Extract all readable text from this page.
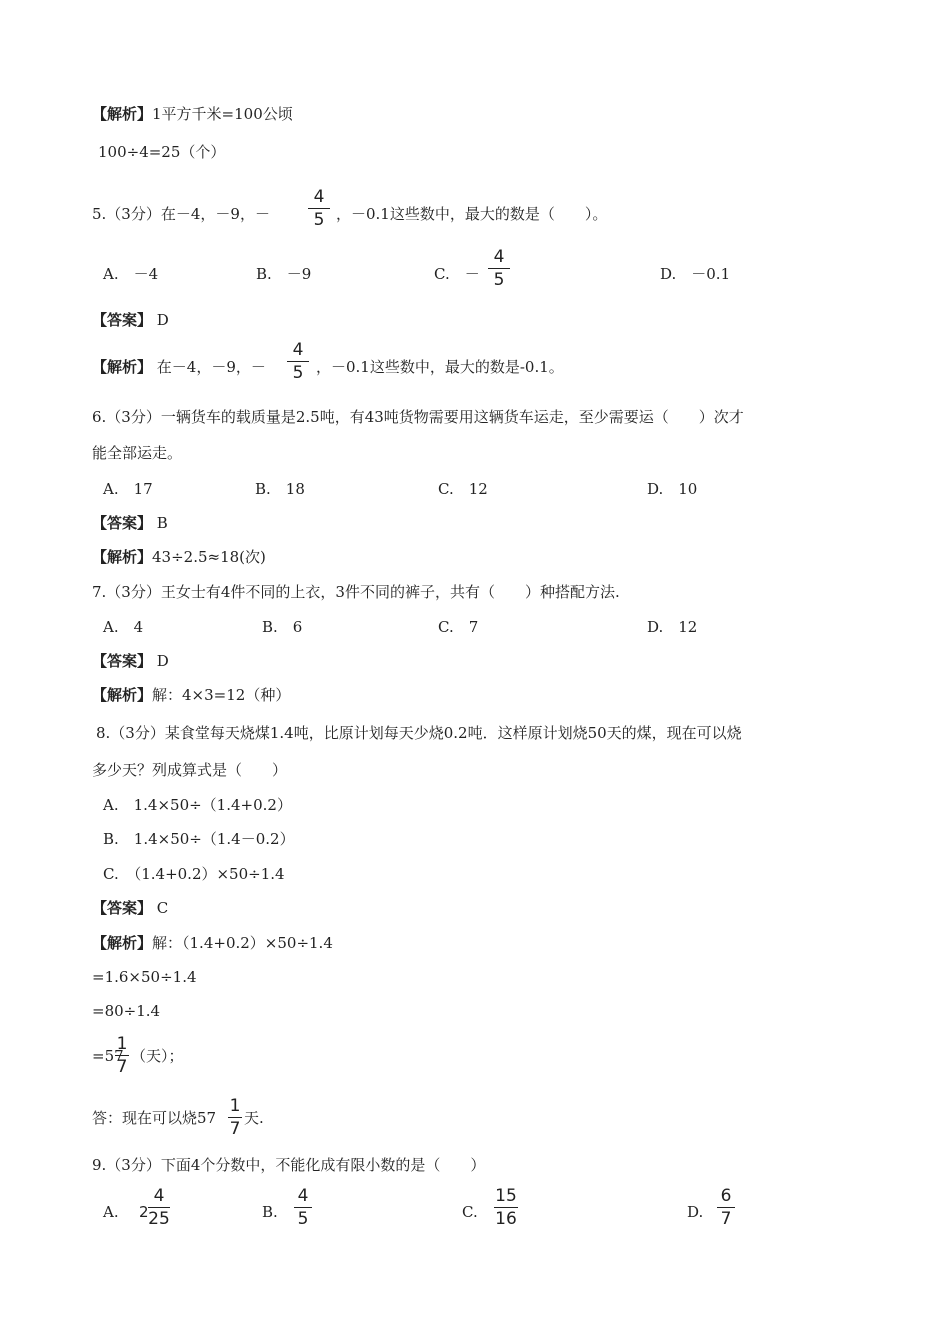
【解析】1平方千米=100公顷
100÷4=25（个）
5.（3分）在－4，－9，－
4
5 ，－0.1这些数中，最大的数是（　　）。
A.　－4	B.　－9	C.　－
4
5	D.　－0.1
【答案】 D
【解析】 在－4，－9，－
4
5 ，－0.1这些数中，最大的数是-0.1。
6.（3分）一辆货车的载质量是2.5吨，有43吨货物需要用这辆货车运走，至少需要运（　　）次才
能全部运走。
A.　17	B.　18	C.　12	D.　10
【答案】 B
【解析】43÷2.5≈18(次)
7.（3分）王女士有4件不同的上衣，3件不同的裤子，共有（　　）种搭配方法.
A.　4	B.　6	C.　7	D.　12
【答案】 D
【解析】解：4×3=12（种）
8.（3分）某食堂每天烧煤1.4吨，比原计划每天少烧0.2吨．这样原计划烧50天的煤，现在可以烧
多少天？列成算式是（　　）
A.　1.4×50÷（1.4+0.2）
B.　1.4×50÷（1.4－0.2）
C.　（1.4+0.2）×50÷1.4
【答案】 C
【解析】解：（1.4+0.2）×50÷1.4
=1.6×50÷1.4
=80÷1.4
=57
1
7
（天）；
答：现在可以烧57
1
7
天.
9.（3分）下面4个分数中，不能化成有限小数的是（　　）
A. 2
4
25	B.
4
5	C.
15
16	D.
6
7
